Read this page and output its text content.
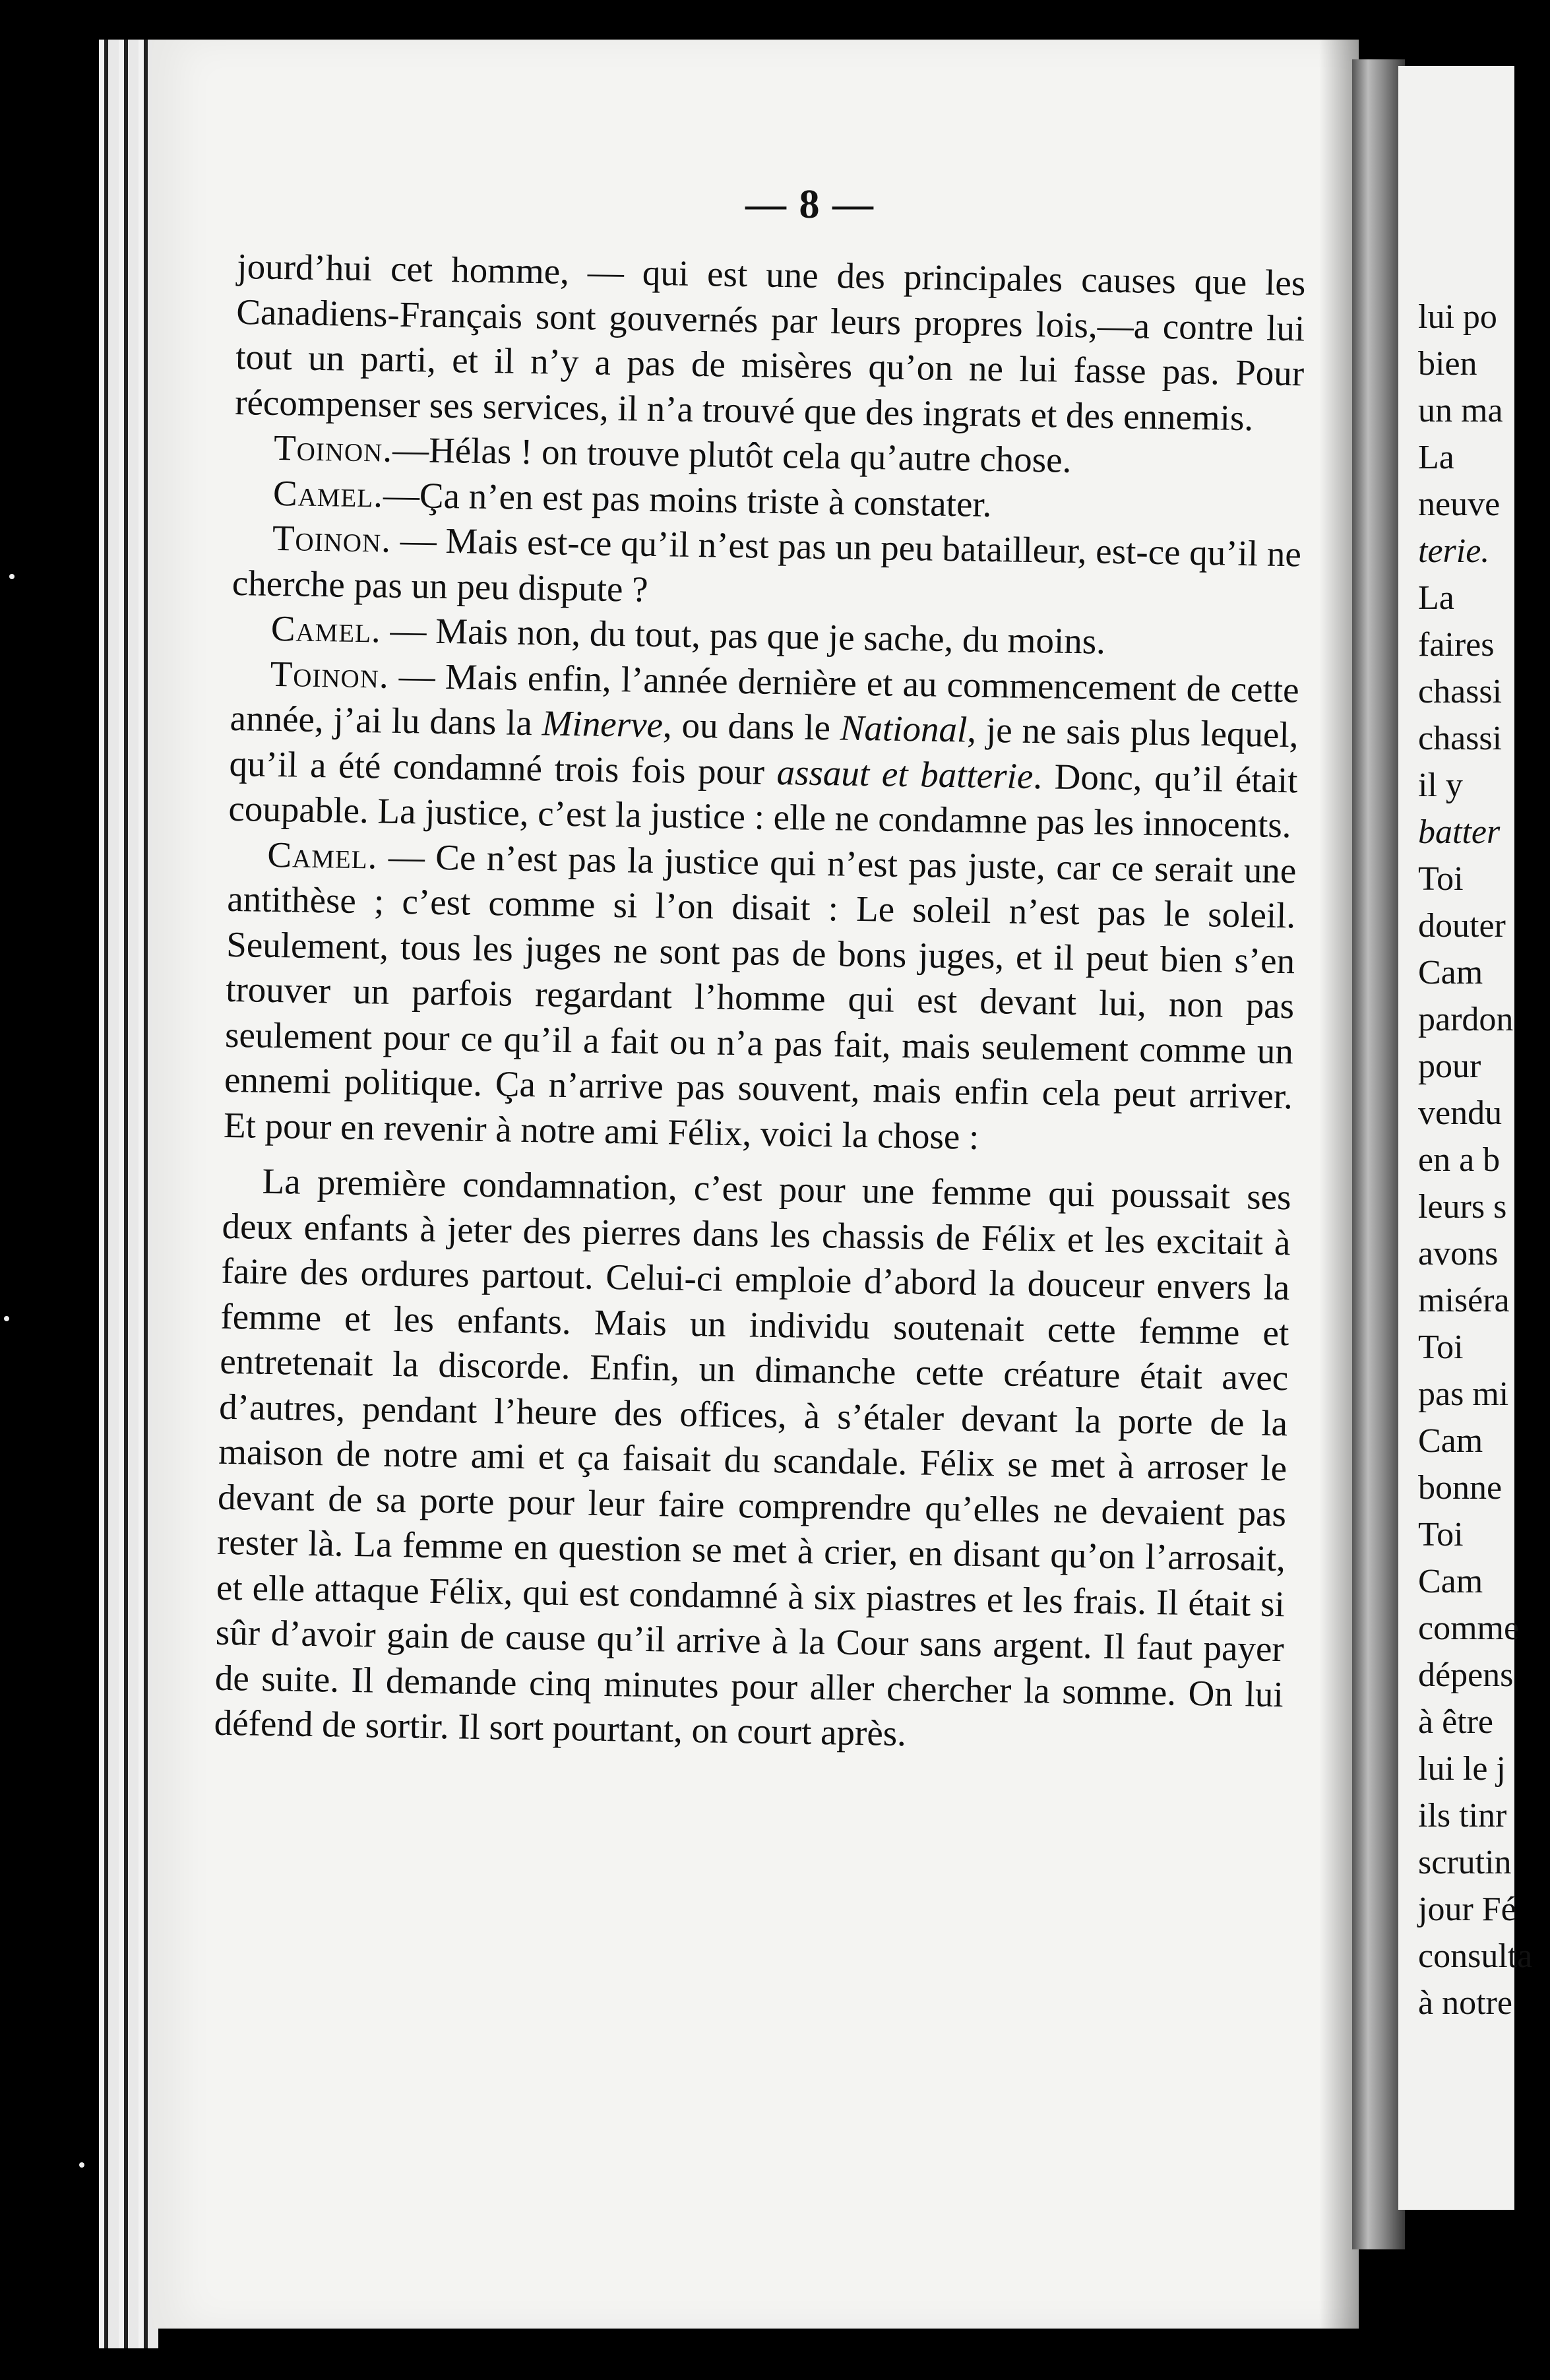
— 8 —

jourd’hui cet homme, — qui est une des principales causes que les Canadiens-Français sont gouvernés par leurs propres lois,—a contre lui tout un parti, et il n’y a pas de misères qu’on ne lui fasse pas. Pour récompenser ses services, il n’a trouvé que des ingrats et des ennemis.

Toinon.—Hélas ! on trouve plutôt cela qu’autre chose.

Camel.—Ça n’en est pas moins triste à constater.

Toinon. — Mais est-ce qu’il n’est pas un peu batailleur, est-ce qu’il ne cherche pas un peu dispute ?

Camel. — Mais non, du tout, pas que je sache, du moins.

Toinon. — Mais enfin, l’année dernière et au commencement de cette année, j’ai lu dans la Minerve, ou dans le National, je ne sais plus lequel, qu’il a été condamné trois fois pour assaut et batterie. Donc, qu’il était coupable. La justice, c’est la justice : elle ne condamne pas les innocents.

Camel. — Ce n’est pas la justice qui n’est pas juste, car ce serait une antithèse ; c’est comme si l’on disait : Le soleil n’est pas le soleil. Seulement, tous les juges ne sont pas de bons juges, et il peut bien s’en trouver un parfois regardant l’homme qui est devant lui, non pas seulement pour ce qu’il a fait ou n’a pas fait, mais seulement comme un ennemi politique. Ça n’arrive pas souvent, mais enfin cela peut arriver. Et pour en revenir à notre ami Félix, voici la chose :

La première condamnation, c’est pour une femme qui poussait ses deux enfants à jeter des pierres dans les chassis de Félix et les excitait à faire des ordures partout. Celui-ci emploie d’abord la douceur envers la femme et les enfants. Mais un individu soutenait cette femme et entretenait la discorde. Enfin, un dimanche cette créature était avec d’autres, pendant l’heure des offices, à s’étaler devant la porte de la maison de notre ami et ça faisait du scandale. Félix se met à arroser le devant de sa porte pour leur faire comprendre qu’elles ne devaient pas rester là. La femme en question se met à crier, en disant qu’on l’arrosait, et elle attaque Félix, qui est condamné à six piastres et les frais. Il était si sûr d’avoir gain de cause qu’il arrive à la Cour sans argent. Il faut payer de suite. Il demande cinq minutes pour aller chercher la somme. On lui défend de sortir. Il sort pourtant, on court après.

lui po
bien
un ma
La
neuve
terie.
La
faires
chassi
chassi
il y
batter
Toi
douter
Cam
pardon
pour
vendu
en a b
leurs s
avons
miséra
Toi
pas mi
Cam
bonne
Toi
Cam
comme
dépens
à être
lui le j
ils tinr
scrutin
jour Fé
consulta
à notre
